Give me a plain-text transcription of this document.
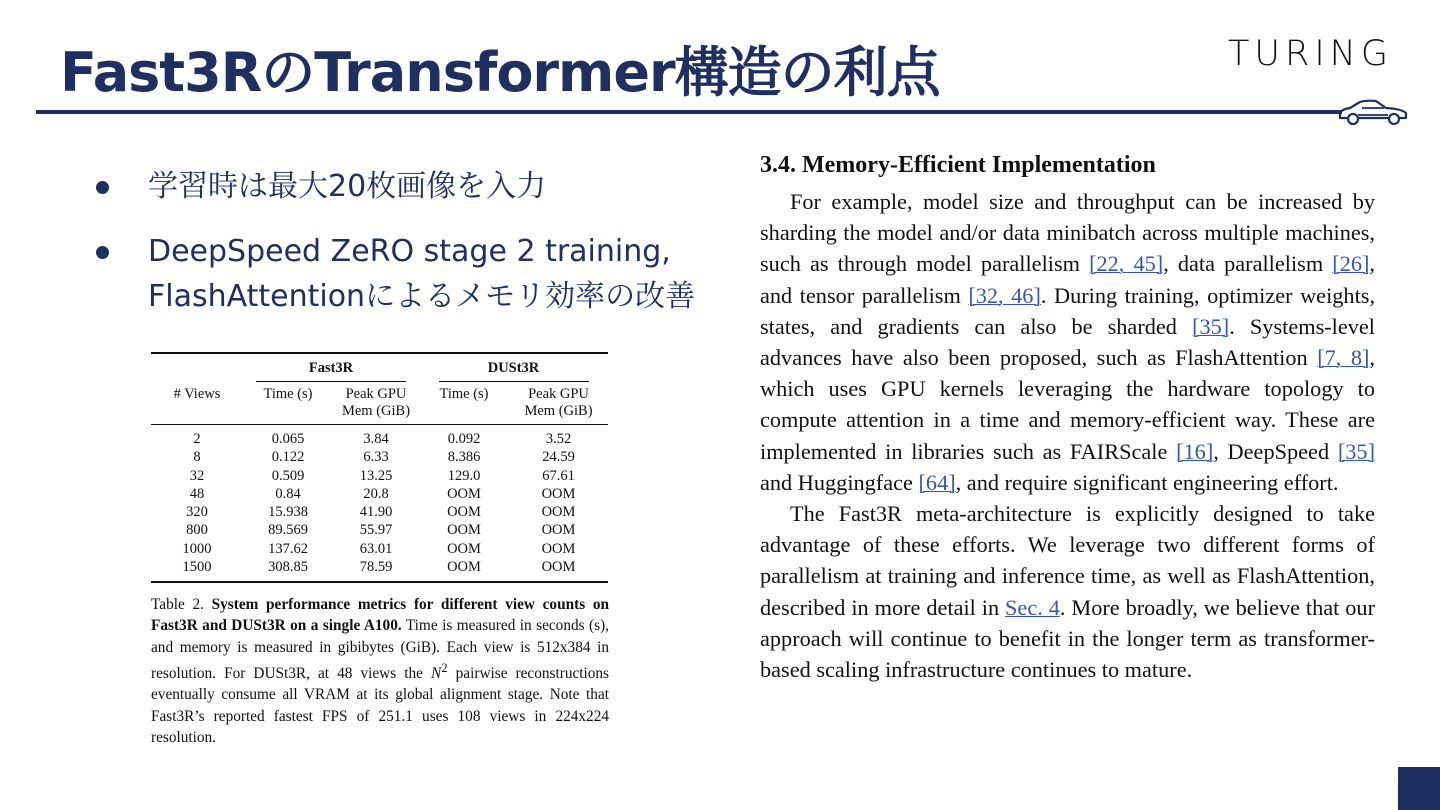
Fast3RのTransformer構造の利点	TURING
学習時は最大20枚画像を入力
DeepSpeed ZeRO stage 2 training,
FlashAttentionによるメモリ効率の改善
	Fast3R		DUSt3R	
# Views	Time (s)	Peak GPU Mem (GiB)	Time (s)	Peak GPU Mem (GiB)
2	0.065	3.84	0.092	3.52
8	0.122	6.33	8.386	24.59
32	0.509	13.25	129.0	67.61
48	0.84	20.8	OOM	OOM
320	15.938	41.90	OOM	OOM
800	89.569	55.97	OOM	OOM
1000	137.62	63.01	OOM	OOM
1500	308.85	78.59	OOM	OOM
Table 2. System performance metrics for different view counts on Fast3R and DUSt3R on a single A100. Time is measured in seconds (s), and memory is measured in gibibytes (GiB). Each view is 512x384 in resolution. For DUSt3R, at 48 views the $N^2$ pairwise reconstructions eventually consume all VRAM at its global alignment stage. Note that Fast3R’s reported fastest FPS of 251.1 uses 108 views in 224x224 resolution.
3.4. Memory-Efficient Implementation

For example, model size and throughput can be increased by sharding the model and/or data minibatch across multiple machines, such as through model parallelism [22, 45], data parallelism [26], and tensor parallelism [32, 46]. During training, optimizer weights, states, and gradients can also be sharded [35]. Systems-level advances have also been proposed, such as FlashAttention [7, 8], which uses GPU kernels leveraging the hardware topology to compute attention in a time and memory-efficient way. These are implemented in libraries such as FAIRScale [16], DeepSpeed [35] and Huggingface [64], and require significant engineering effort.

The Fast3R meta-architecture is explicitly designed to take advantage of these efforts. We leverage two different forms of parallelism at training and inference time, as well as FlashAttention, described in more detail in Sec. 4. More broadly, we believe that our approach will continue to benefit in the longer term as transformer-based scaling infrastructure continues to mature.
